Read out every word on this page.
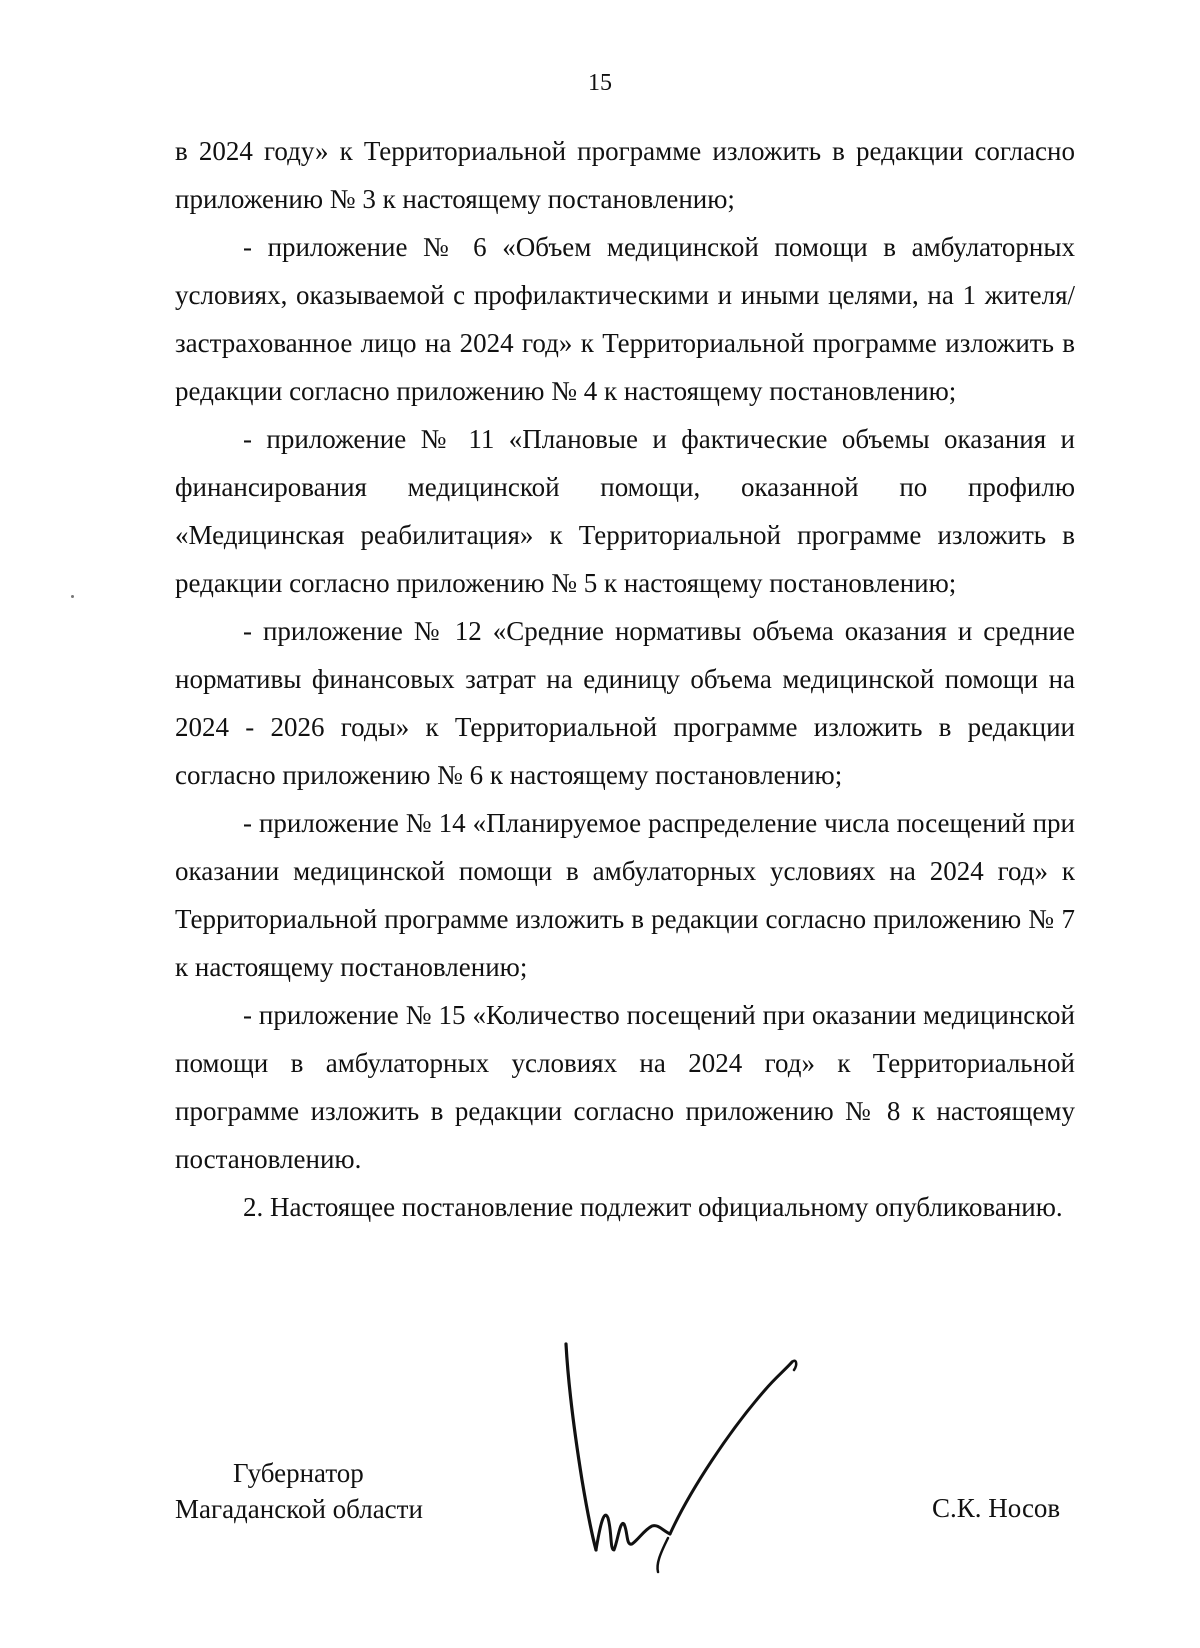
15

в 2024 году» к Территориальной программе изложить в редакции согласно приложению № 3 к настоящему постановлению;

- приложение № 6 «Объем медицинской помощи в амбулаторных условиях, оказываемой с профилактическими и иными целями, на 1 жителя/застрахованное лицо на 2024 год» к Территориальной программе изложить в редакции согласно приложению № 4 к настоящему постановлению;

- приложение № 11 «Плановые и фактические объемы оказания и финансирования медицинской помощи, оказанной по профилю «Медицинская реабилитация» к Территориальной программе изложить в редакции согласно приложению № 5 к настоящему постановлению;

- приложение № 12 «Средние нормативы объема оказания и средние нормативы финансовых затрат на единицу объема медицинской помощи на 2024 - 2026 годы» к Территориальной программе изложить в редакции согласно приложению № 6 к настоящему постановлению;

- приложение № 14 «Планируемое распределение числа посещений при оказании медицинской помощи в амбулаторных условиях на 2024 год» к Территориальной программе изложить в редакции согласно приложению № 7 к настоящему постановлению;

- приложение № 15 «Количество посещений при оказании медицинской помощи в амбулаторных условиях на 2024 год» к Территориальной программе изложить в редакции согласно приложению № 8 к настоящему постановлению.

2. Настоящее постановление подлежит официальному опубликованию.

Губернатор
Магаданской области	С.К. Носов
